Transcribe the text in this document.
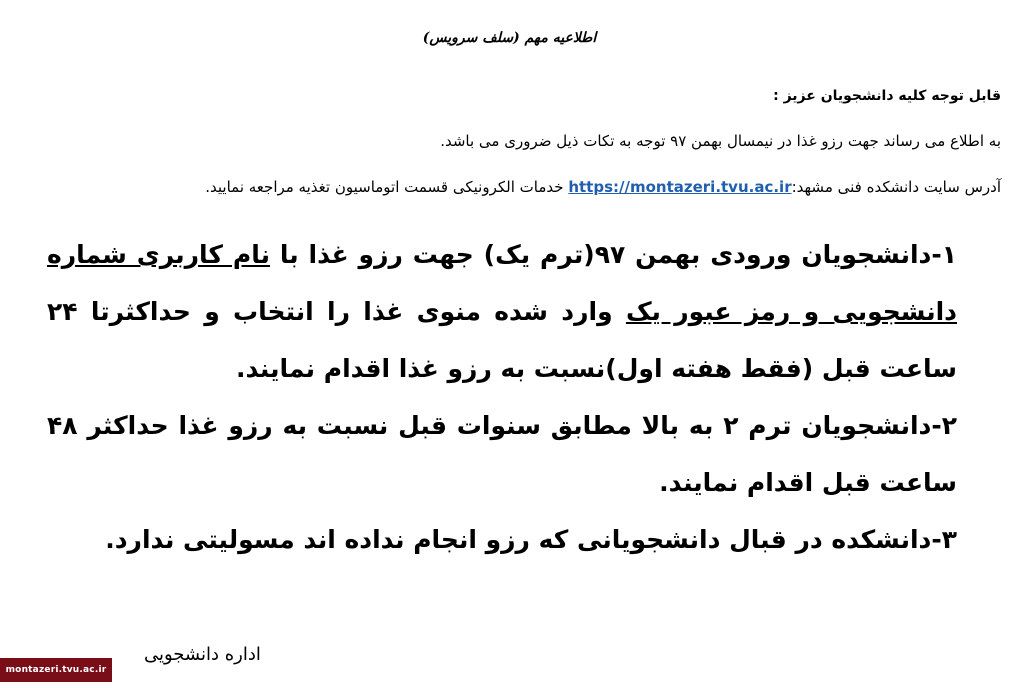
اطلاعیه مهم (سلف سرویس)
قابل توجه کلیه دانشجویان عزیز :
به اطلاع می رساند جهت رزو غذا در نیمسال بهمن ۹۷ توجه به تکات ذیل ضروری می باشد.
آدرس سایت دانشکده فنی مشهد:https://montazeri.tvu.ac.ir خدمات الکرونیکی قسمت اتوماسیون تغذیه مراجعه نمایید.
۱-دانشجویان ورودی بهمن ۹۷(ترم یک) جهت رزو غذا با نام کاربری شماره دانشجویی و رمز عبور یک وارد شده منوی غذا را انتخاب و حداکثرتا ۲۴ ساعت قبل (فقط هفته اول)نسبت به رزو غذا اقدام نمایند.
۲-دانشجویان ترم ۲ به بالا مطابق سنوات قبل نسبت به رزو غذا حداکثر ۴۸ ساعت قبل اقدام نمایند.
۳-دانشکده در قبال دانشجویانی که رزو انجام نداده اند مسولیتی ندارد.
اداره دانشجویی
montazeri.tvu.ac.ir
